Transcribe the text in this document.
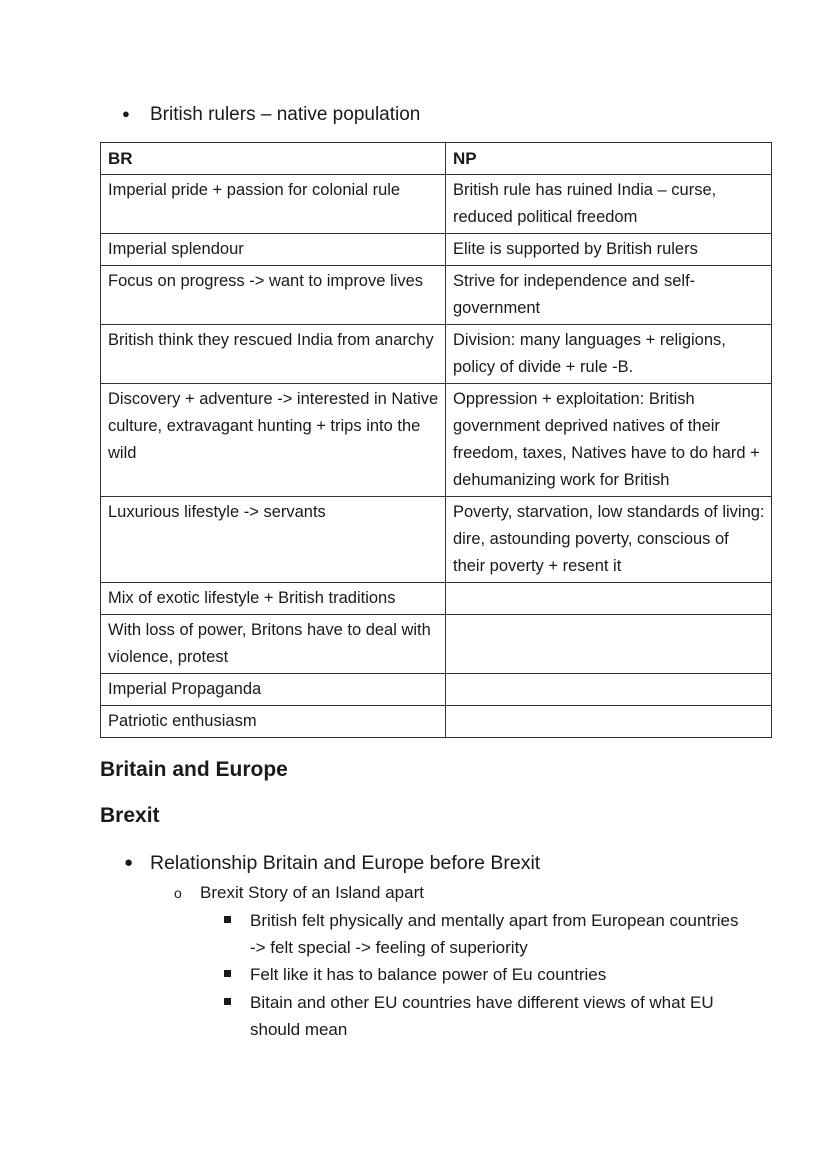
● British rulers – native population
BR	NP
Imperial pride + passion for colonial rule	British rule has ruined India – curse, reduced political freedom
Imperial splendour	Elite is supported by British rulers
Focus on progress -> want to improve lives	Strive for independence and self-government
British think they rescued India from anarchy	Division: many languages + religions, policy of divide + rule -B.
Discovery + adventure -> interested in Native culture, extravagant hunting + trips into the wild	Oppression + exploitation: British government deprived natives of their freedom, taxes, Natives have to do hard + dehumanizing work for British
Luxurious lifestyle -> servants	Poverty, starvation, low standards of living: dire, astounding poverty, conscious of their poverty + resent it
Mix of exotic lifestyle + British traditions	
With loss of power, Britons have to deal with violence, protest	
Imperial Propaganda	
Patriotic enthusiasm	
Britain and Europe
Brexit
● Relationship Britain and Europe before Brexit
o Brexit Story of an Island apart
British felt physically and mentally apart from European countries -> felt special -> feeling of superiority
Felt like it has to balance power of Eu countries
Bitain and other EU countries have different views of what EU should mean
